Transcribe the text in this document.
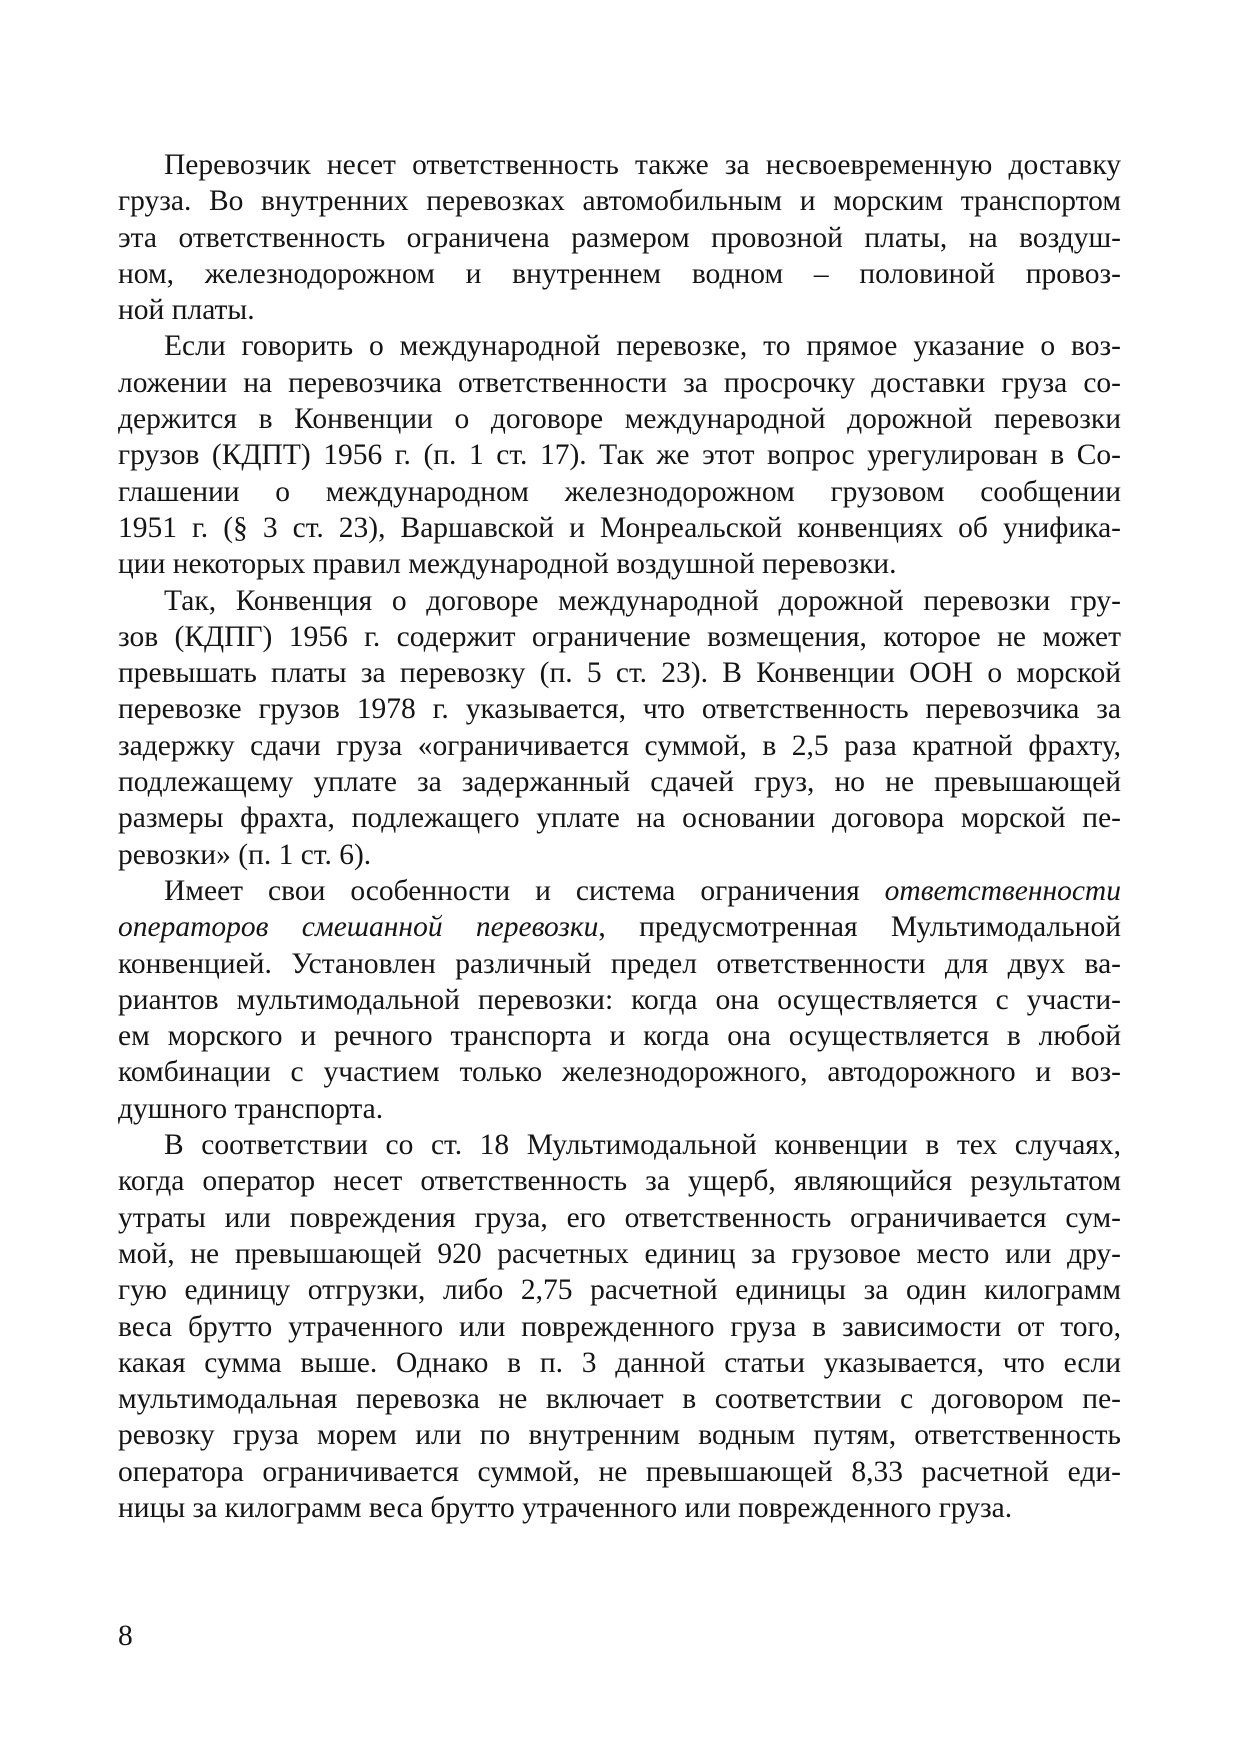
Перевозчик несет ответственность также за несвоевременную доставку
груза. Во внутренних перевозках автомобильным и морским транспортом
эта ответственность ограничена размером провозной платы, на воздуш-
ном, железнодорожном и внутреннем водном – половиной провоз-
ной платы.
Если говорить о международной перевозке, то прямое указание о воз-
ложении на перевозчика ответственности за просрочку доставки груза со-
держится в Конвенции о договоре международной дорожной перевозки
грузов (КДПТ) 1956 г. (п. 1 ст. 17). Так же этот вопрос урегулирован в Со-
глашении о международном железнодорожном грузовом сообщении
1951 г. (§ 3 ст. 23), Варшавской и Монреальской конвенциях об унифика-
ции некоторых правил международной воздушной перевозки.
Так, Конвенция о договоре международной дорожной перевозки гру-
зов (КДПГ) 1956 г. содержит ограничение возмещения, которое не может
превышать платы за перевозку (п. 5 ст. 23). В Конвенции ООН о морской
перевозке грузов 1978 г. указывается, что ответственность перевозчика за
задержку сдачи груза «ограничивается суммой, в 2,5 раза кратной фрахту,
подлежащему уплате за задержанный сдачей груз, но не превышающей
размеры фрахта, подлежащего уплате на основании договора морской пе-
ревозки» (п. 1 ст. 6).
Имеет свои особенности и система ограничения ответственности
операторов смешанной перевозки, предусмотренная Мультимодальной
конвенцией. Установлен различный предел ответственности для двух ва-
риантов мультимодальной перевозки: когда она осуществляется с участи-
ем морского и речного транспорта и когда она осуществляется в любой
комбинации с участием только железнодорожного, автодорожного и воз-
душного транспорта.
В соответствии со ст. 18 Мультимодальной конвенции в тех случаях,
когда оператор несет ответственность за ущерб, являющийся результатом
утраты или повреждения груза, его ответственность ограничивается сум-
мой, не превышающей 920 расчетных единиц за грузовое место или дру-
гую единицу отгрузки, либо 2,75 расчетной единицы за один килограмм
веса брутто утраченного или поврежденного груза в зависимости от того,
какая сумма выше. Однако в п. 3 данной статьи указывается, что если
мультимодальная перевозка не включает в соответствии с договором пе-
ревозку груза морем или по внутренним водным путям, ответственность
оператора ограничивается суммой, не превышающей 8,33 расчетной еди-
ницы за килограмм веса брутто утраченного или поврежденного груза.
8
